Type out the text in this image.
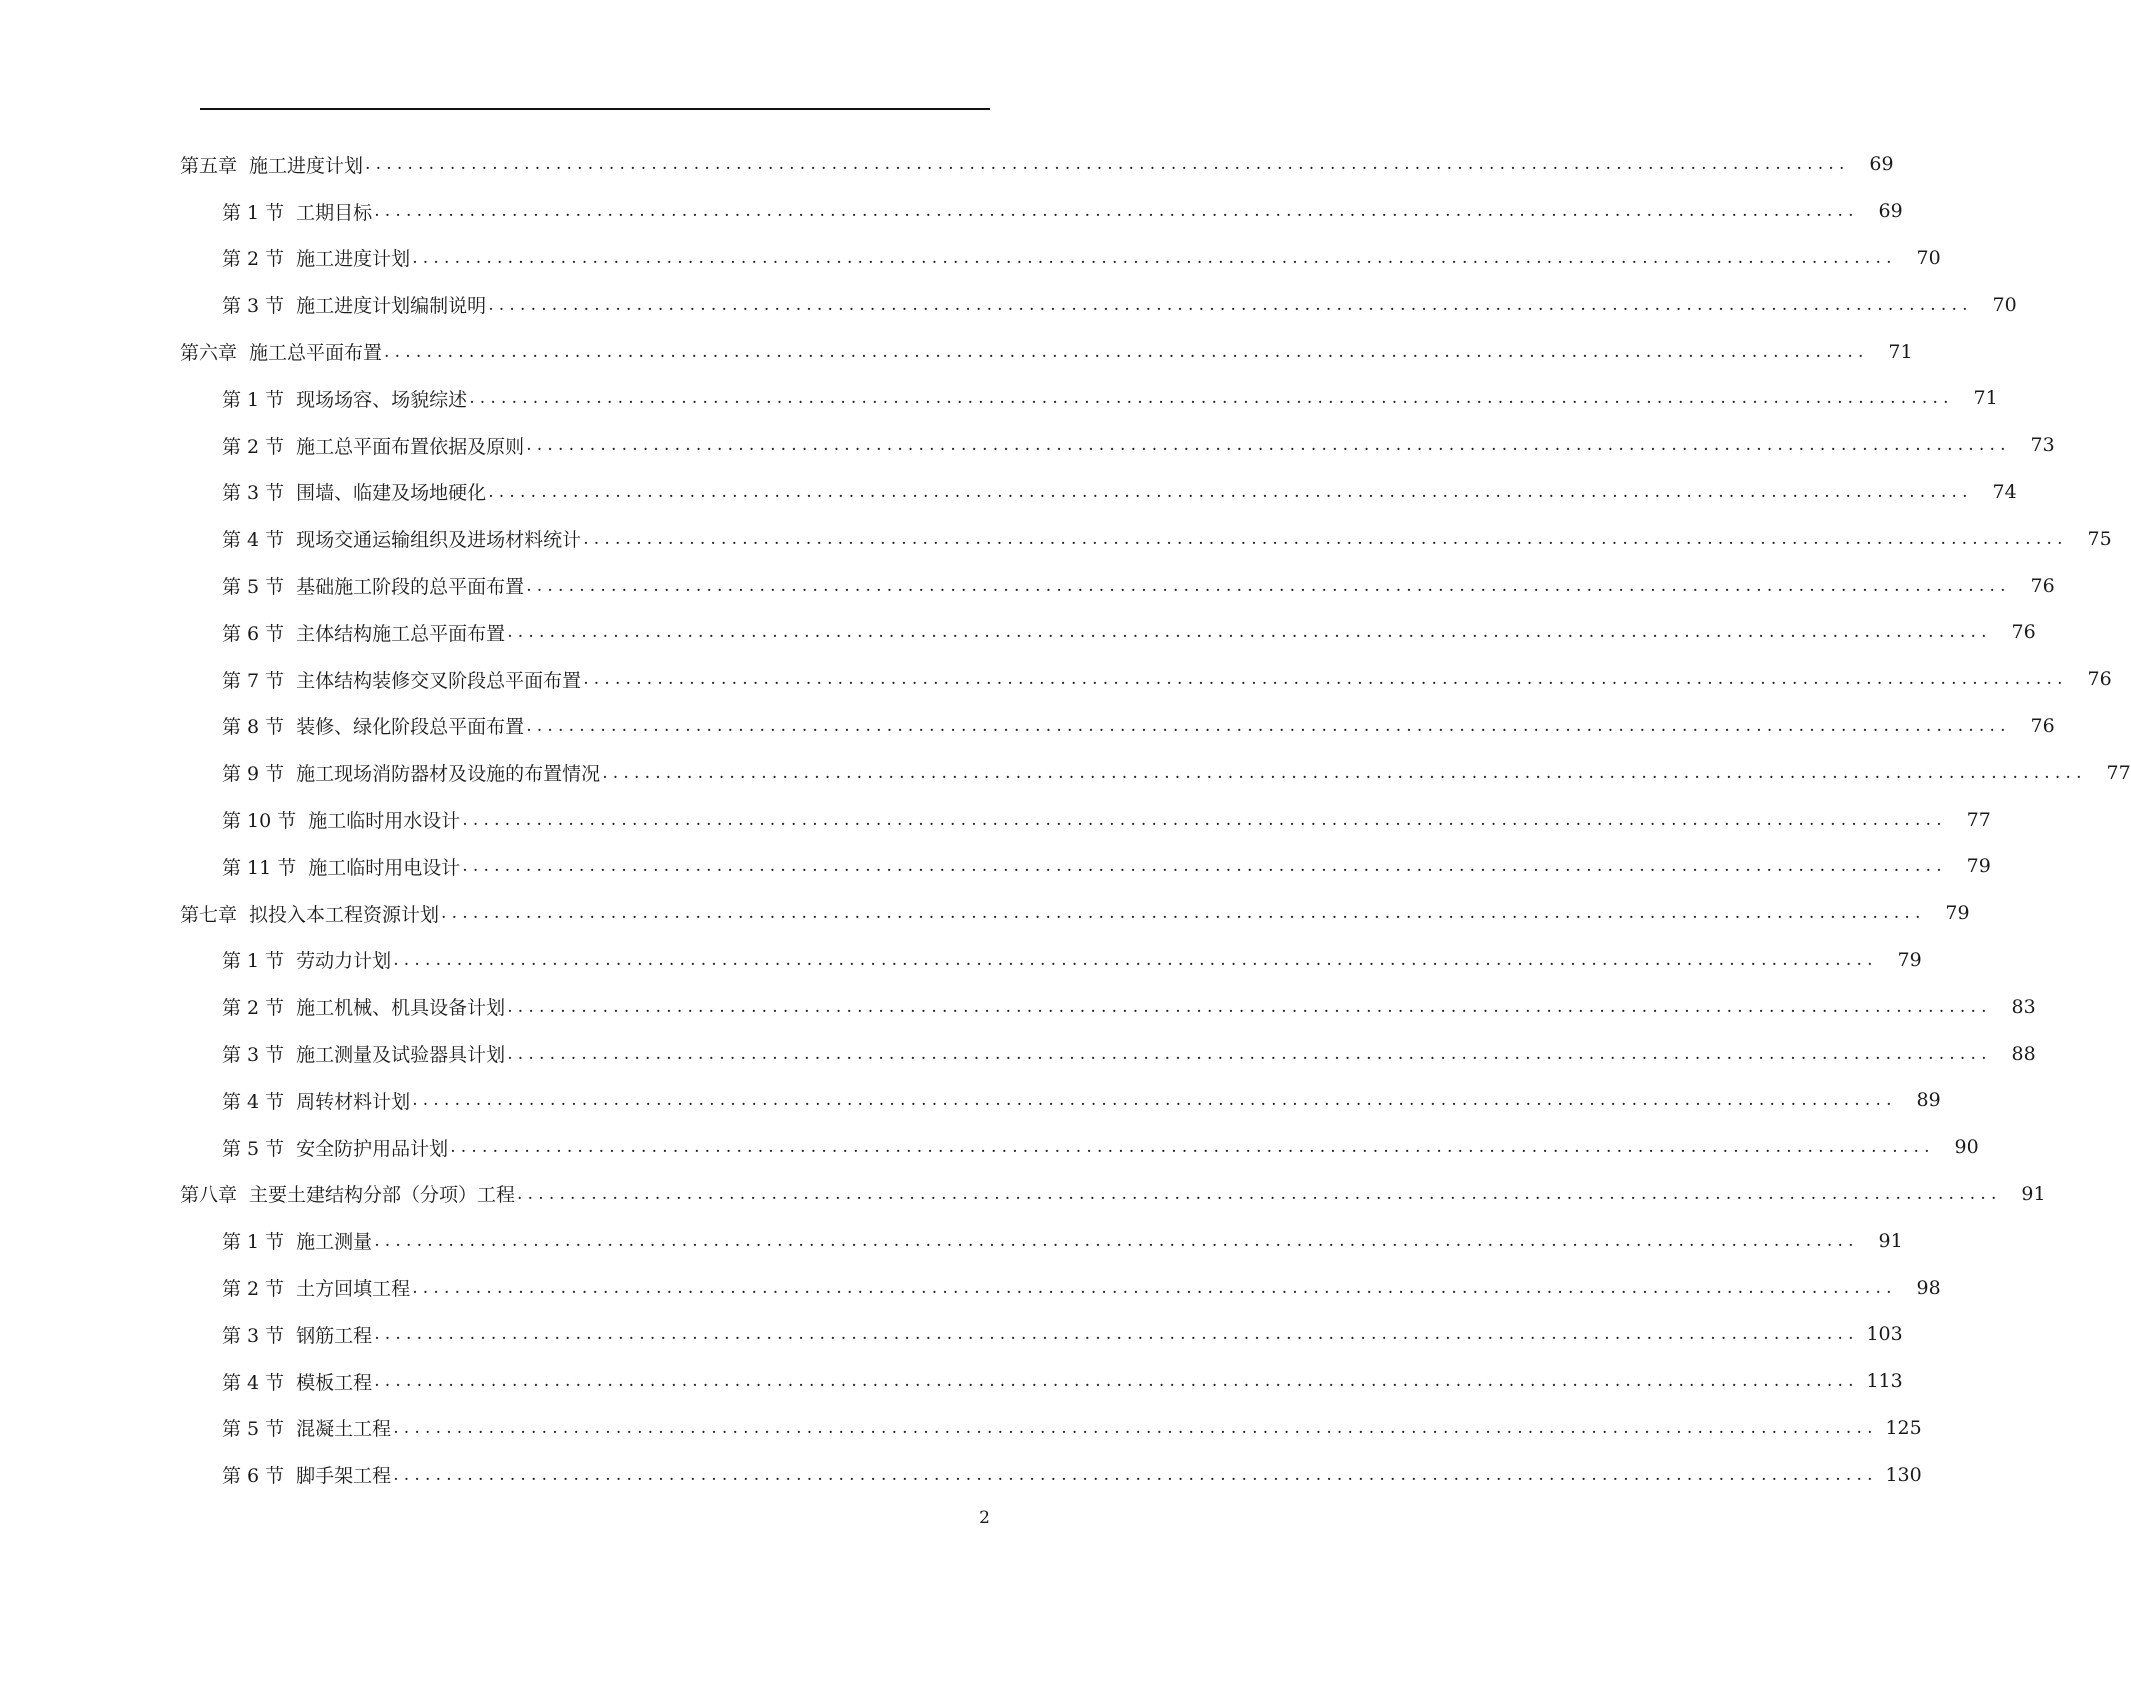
第五章 施工进度计划 ............................................................................................................................................	69
第 1 节 工期目标 ............................................................................................................................................	69
第 2 节 施工进度计划 ............................................................................................................................................	70
第 3 节 施工进度计划编制说明 ............................................................................................................................................	70
第六章 施工总平面布置 ............................................................................................................................................	71
第 1 节 现场场容、场貌综述 ............................................................................................................................................	71
第 2 节 施工总平面布置依据及原则 ............................................................................................................................................	73
第 3 节 围墙、临建及场地硬化 ............................................................................................................................................	74
第 4 节 现场交通运输组织及进场材料统计 ............................................................................................................................................	75
第 5 节 基础施工阶段的总平面布置 ............................................................................................................................................	76
第 6 节 主体结构施工总平面布置 ............................................................................................................................................	76
第 7 节 主体结构装修交叉阶段总平面布置 ............................................................................................................................................	76
第 8 节 装修、绿化阶段总平面布置 ............................................................................................................................................	76
第 9 节 施工现场消防器材及设施的布置情况 ............................................................................................................................................	77
第 10 节 施工临时用水设计 ............................................................................................................................................	77
第 11 节 施工临时用电设计 ............................................................................................................................................	79
第七章 拟投入本工程资源计划 ............................................................................................................................................	79
第 1 节 劳动力计划 ............................................................................................................................................	79
第 2 节 施工机械、机具设备计划 ............................................................................................................................................	83
第 3 节 施工测量及试验器具计划 ............................................................................................................................................	88
第 4 节 周转材料计划 ............................................................................................................................................	89
第 5 节 安全防护用品计划 ............................................................................................................................................	90
第八章 主要土建结构分部（分项）工程 ............................................................................................................................................	91
第 1 节 施工测量 ............................................................................................................................................	91
第 2 节 土方回填工程 ............................................................................................................................................	98
第 3 节 钢筋工程 ............................................................................................................................................ 103
第 4 节 模板工程 ............................................................................................................................................ 113
第 5 节 混凝土工程 ............................................................................................................................................ 125
第 6 节 脚手架工程 ............................................................................................................................................ 130
2
